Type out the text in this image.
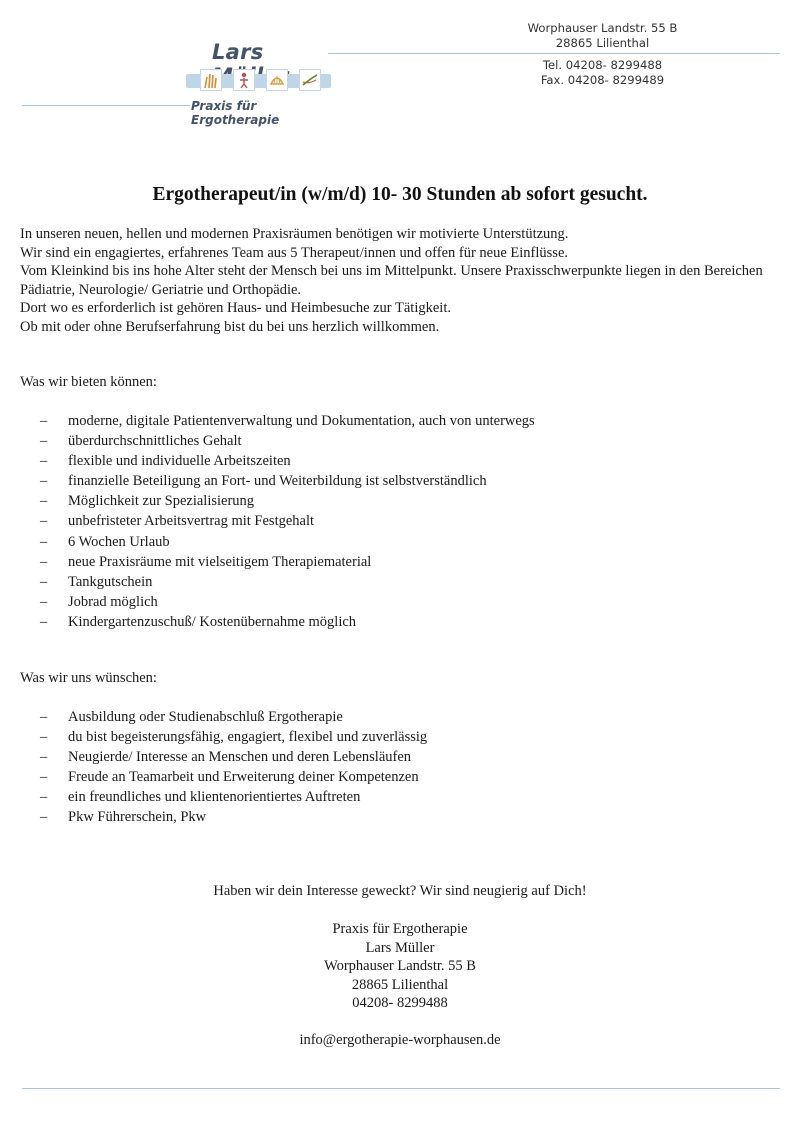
Lars
Praxis für Ergotherapie
Worphauser Landstr. 55 B
28865 Lilienthal
Tel. 04208- 8299488
Fax. 04208- 8299489
Ergotherapeut/in (w/m/d) 10- 30 Stunden ab sofort gesucht.

In unseren neuen, hellen und modernen Praxisräumen benötigen wir motivierte Unterstützung.

Wir sind ein engagiertes, erfahrenes Team aus 5 Therapeut/innen und offen für neue Einflüsse.

Vom Kleinkind bis ins hohe Alter steht der Mensch bei uns im Mittelpunkt. Unsere Praxisschwerpunkte liegen in den Bereichen Pädiatrie, Neurologie/ Geriatrie und Orthopädie.

Dort wo es erforderlich ist gehören Haus- und Heimbesuche zur Tätigkeit.

Ob mit oder ohne Berufserfahrung bist du bei uns herzlich willkommen.

Was wir bieten können:

– moderne, digitale Patientenverwaltung und Dokumentation, auch von unterwegs
– überdurchschnittliches Gehalt
– flexible und individuelle Arbeitszeiten
– finanzielle Beteiligung an Fort- und Weiterbildung ist selbstverständlich
– Möglichkeit zur Spezialisierung
– unbefristeter Arbeitsvertrag mit Festgehalt
– 6 Wochen Urlaub
– neue Praxisräume mit vielseitigem Therapiematerial
– Tankgutschein
– Jobrad möglich
– Kindergartenzuschuß/ Kostenübernahme möglich

Was wir uns wünschen:

– Ausbildung oder Studienabschluß Ergotherapie
– du bist begeisterungsfähig, engagiert, flexibel und zuverlässig
– Neugierde/ Interesse an Menschen und deren Lebensläufen
– Freude an Teamarbeit und Erweiterung deiner Kompetenzen
– ein freundliches und klientenorientiertes Auftreten
– Pkw Führerschein, Pkw

Haben wir dein Interesse geweckt? Wir sind neugierig auf Dich!

Praxis für Ergotherapie

Lars Müller

Worphauser Landstr. 55 B

28865 Lilienthal

04208- 8299488

info@ergotherapie-worphausen.de
